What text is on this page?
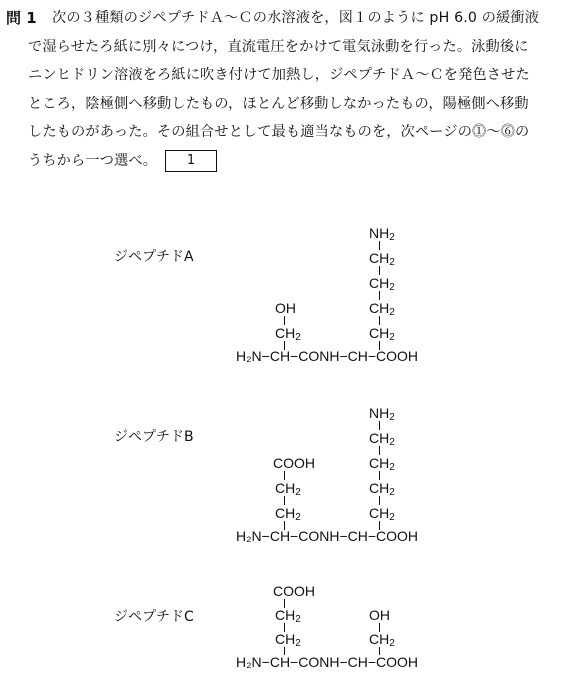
問 1 次の３種類のジペプチドＡ～Ｃの水溶液を，図１のように pH 6.0 の緩衝液
で湿らせたろ紙に別々につけ，直流電圧をかけて電気泳動を行った。泳動後に
ニンヒドリン溶液をろ紙に吹き付けて加熱し，ジペプチドＡ～Ｃを発色させた
ところ，陰極側へ移動したもの，ほとんど移動しなかったもの，陽極側へ移動
したものがあった。その組合せとして最も適当なものを，次ページの⓵～⓺の
うちから一つ選べ。 1
ジペプチドA
$NH_2$
$CH_2$
$CH_2$
$CH_2$
$CH_2$
OH
$CH_2$
H₂N−CH−CONH−CH−COOH
ジペプチドB
$NH_2$
$CH_2$
$CH_2$
$CH_2$
$CH_2$
COOH
$CH_2$
$CH_2$
H₂N−CH−CONH−CH−COOH
ジペプチドC
COOH
$CH_2$
$CH_2$
OH
$CH_2$
H₂N−CH−CONH−CH−COOH
